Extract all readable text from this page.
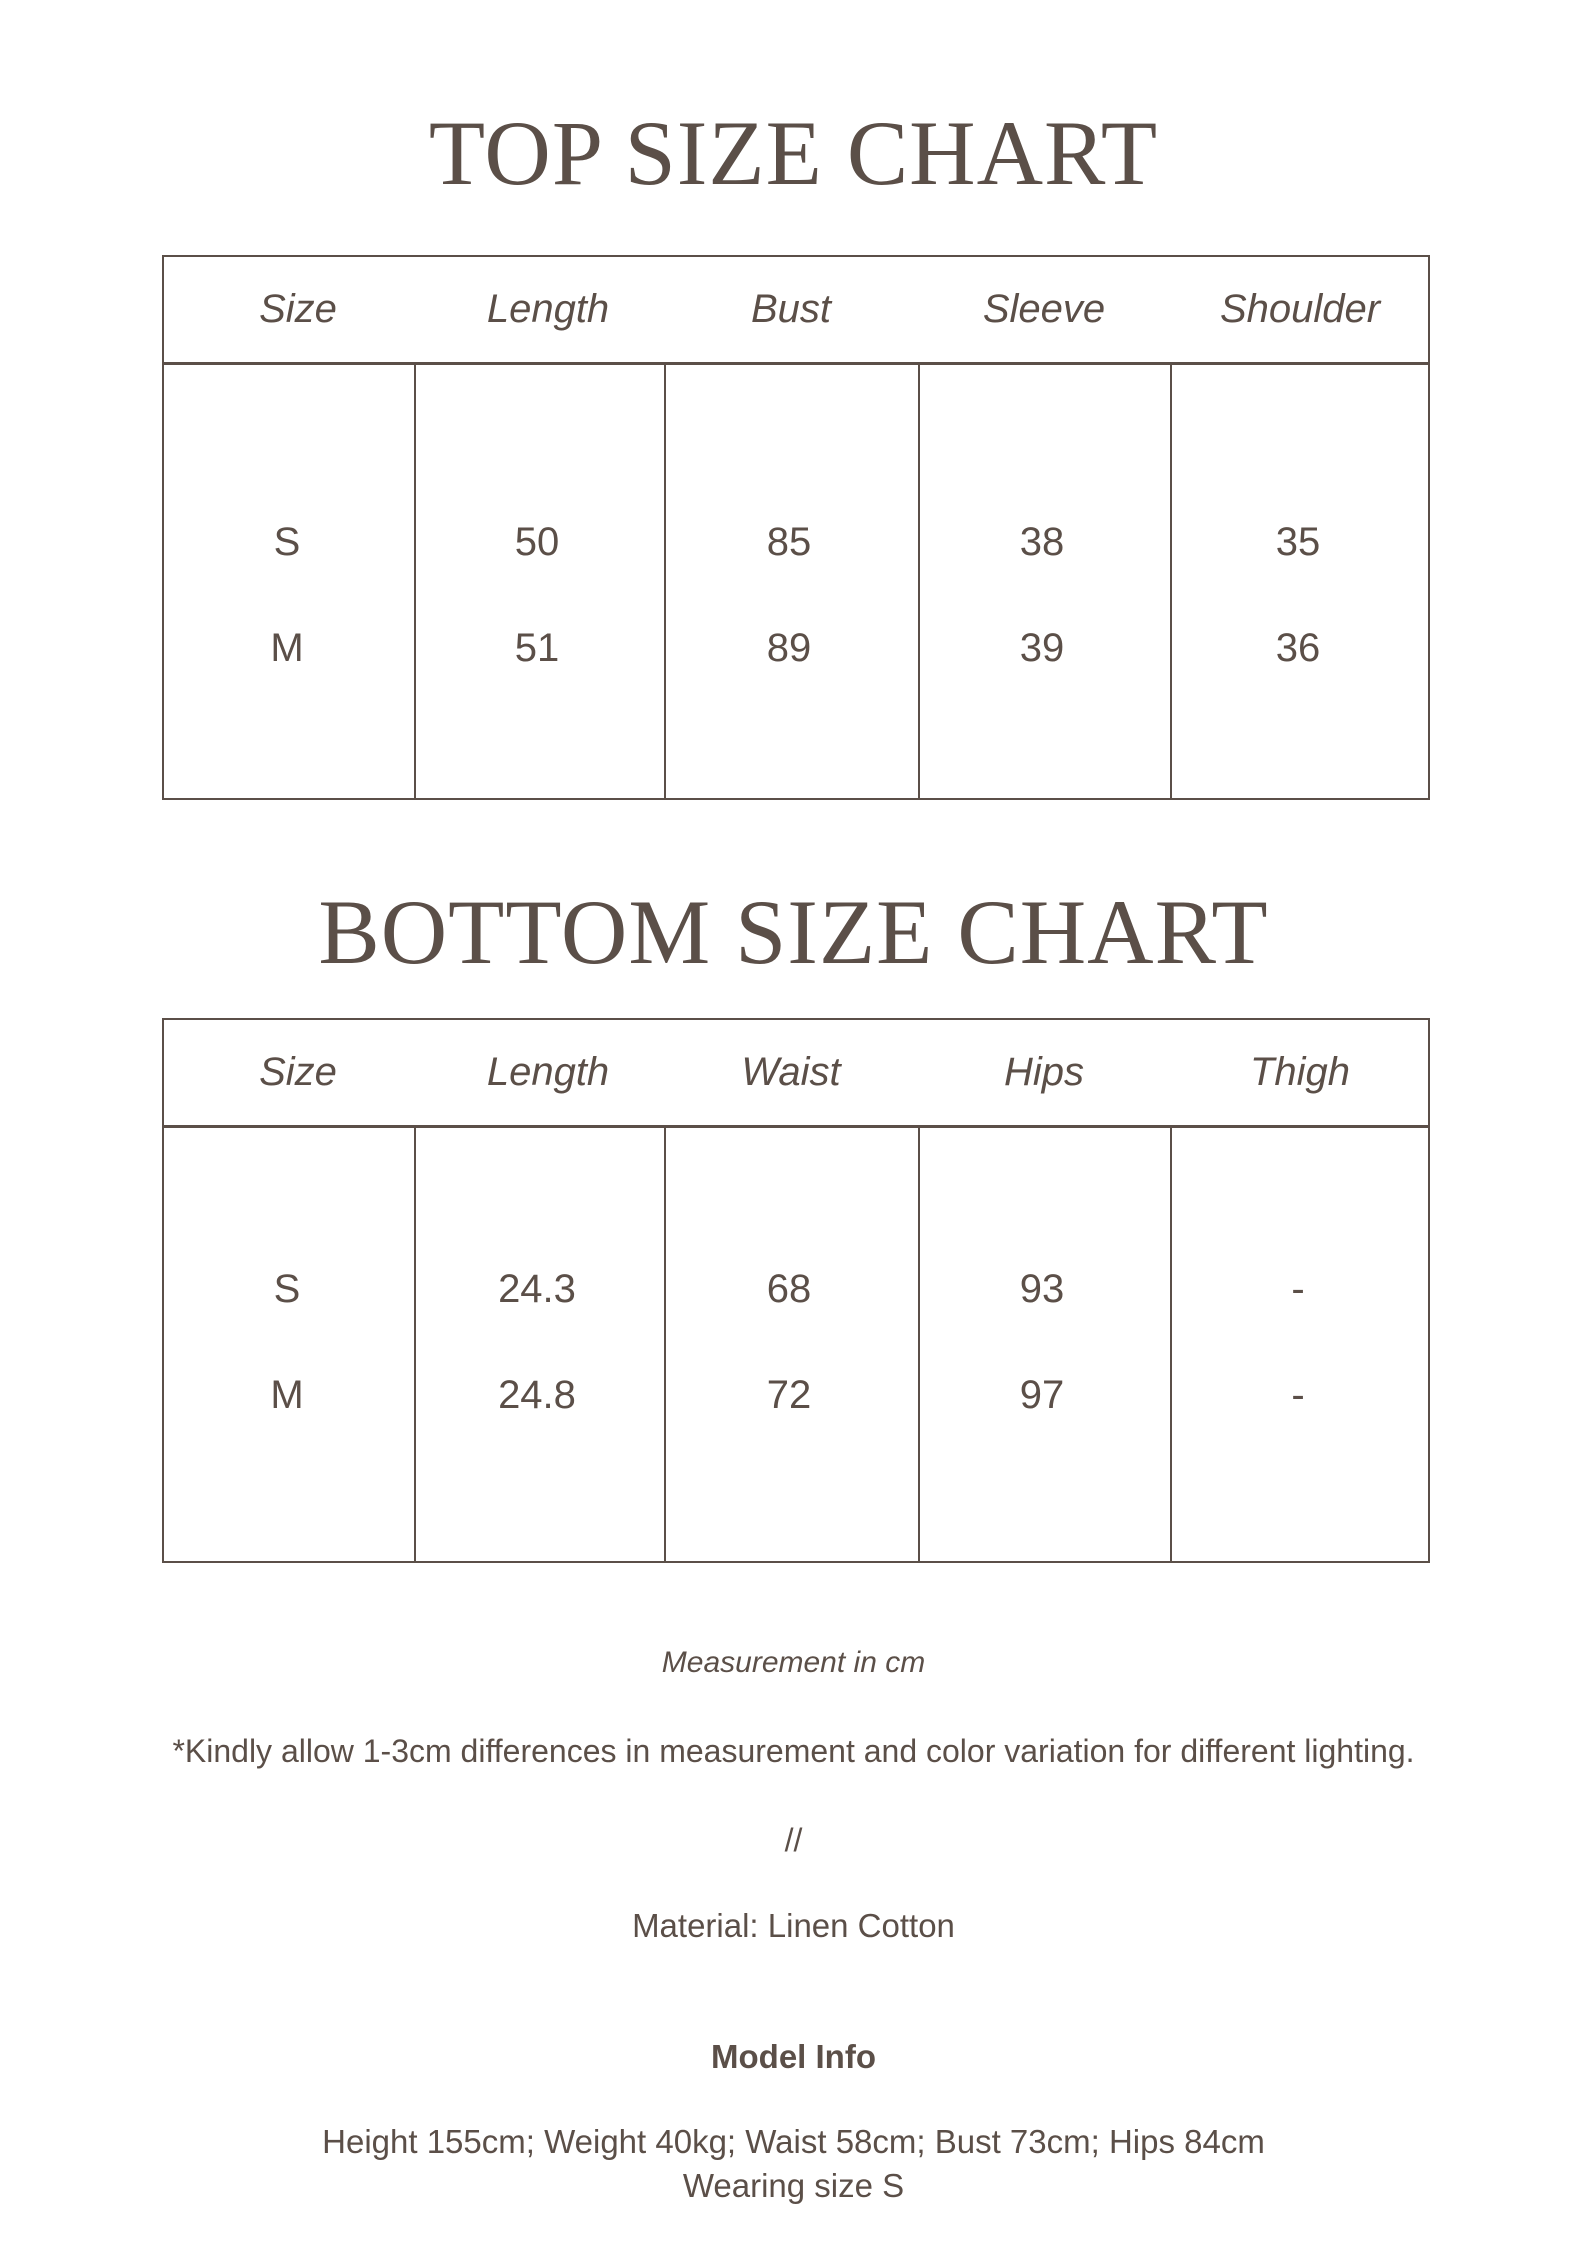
TOP SIZE CHART
Size	Length	Bust	Sleeve	Shoulder
S	50	85	38	35
M	51	89	39	36
BOTTOM SIZE CHART
Size	Length	Waist	Hips	Thigh
S	24.3	68	93	-
M	24.8	72	97	-
Measurement in cm
*Kindly allow 1-3cm differences in measurement and color variation for different lighting.
//
Material: Linen Cotton
Model Info
Height 155cm; Weight 40kg; Waist 58cm; Bust 73cm; Hips 84cm
Wearing size S
